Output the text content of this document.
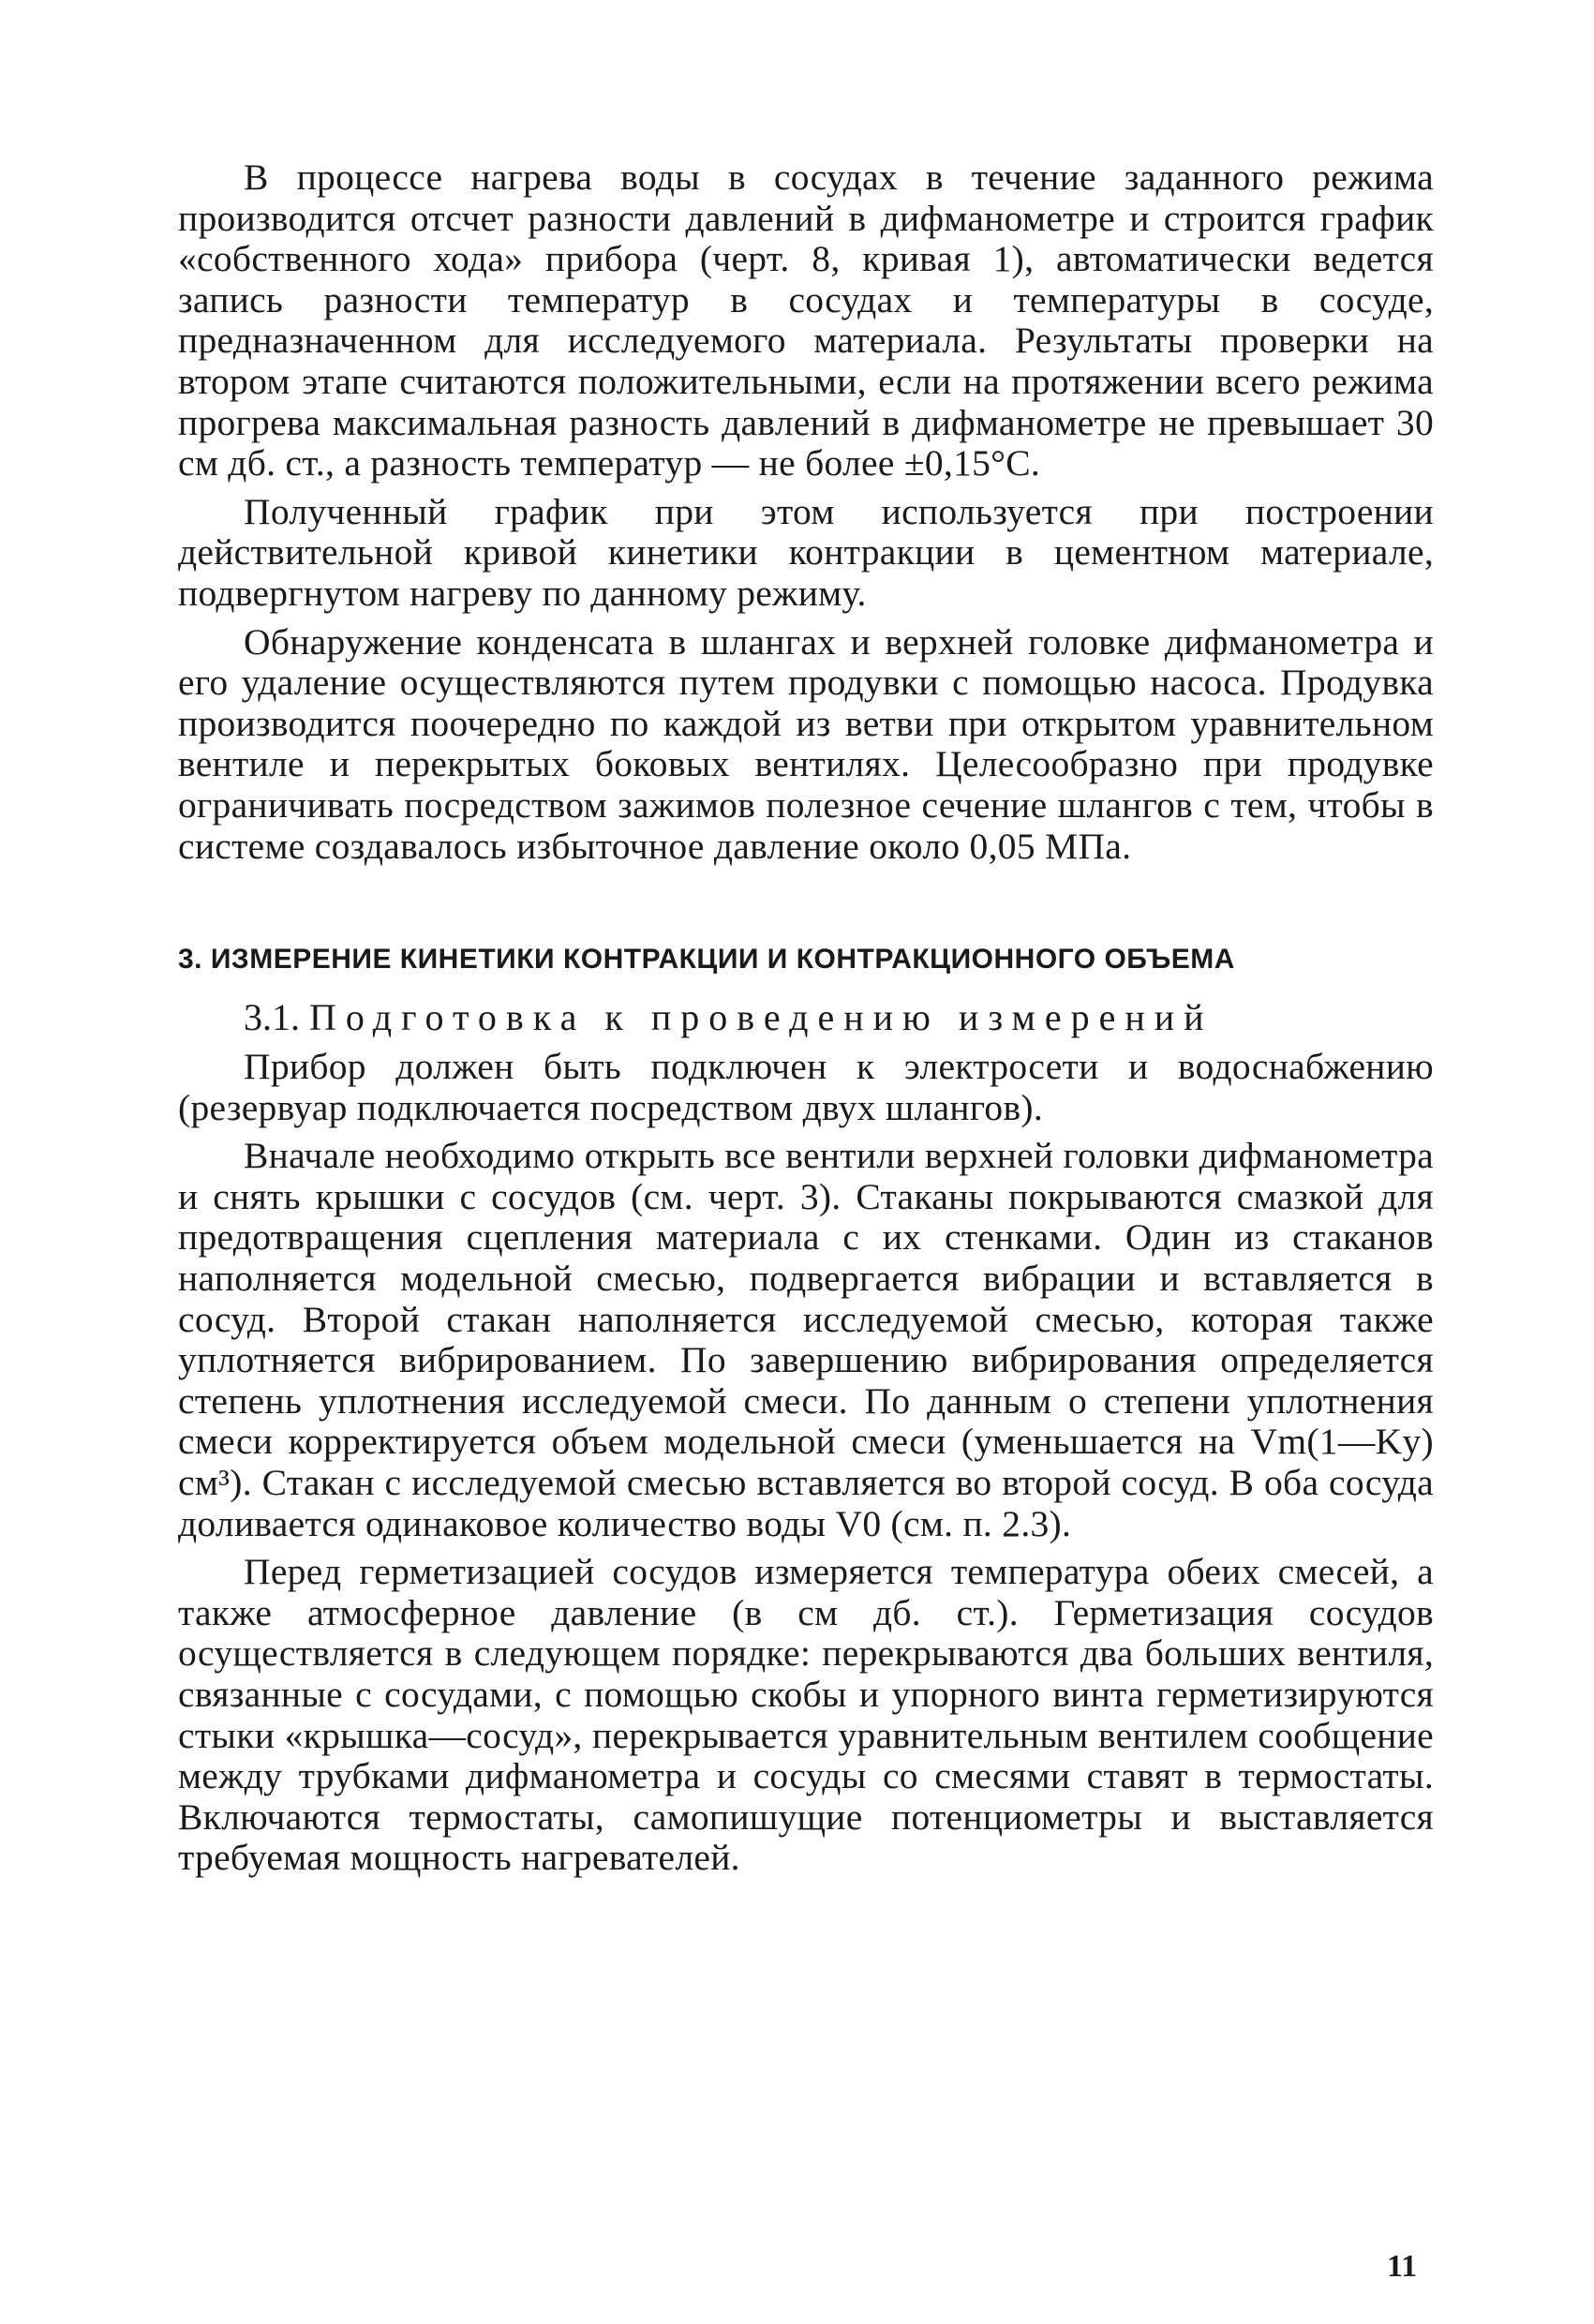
В процессе нагрева воды в сосудах в течение заданного режима производится отсчет разности давлений в дифманометре и строится график «собственного хода» прибора (черт. 8, кривая 1), автоматически ведется запись разности температур в сосудах и температуры в сосуде, предназначенном для исследуемого материала. Результаты проверки на втором этапе считаются положительными, если на протяжении всего режима прогрева максимальная разность давлений в дифманометре не превышает 30 см дб. ст., а разность температур — не более ±0,15°С.

Полученный график при этом используется при построении действительной кривой кинетики контракции в цементном материале, подвергнутом нагреву по данному режиму.

Обнаружение конденсата в шлангах и верхней головке дифманометра и его удаление осуществляются путем продувки с помощью насоса. Продувка производится поочередно по каждой из ветви при открытом уравнительном вентиле и перекрытых боковых вентилях. Целесообразно при продувке ограничивать посредством зажимов полезное сечение шлангов с тем, чтобы в системе создавалось избыточное давление около 0,05 МПа.

3. ИЗМЕРЕНИЕ КИНЕТИКИ КОНТРАКЦИИ И КОНТРАКЦИОННОГО ОБЪЕМА
3.1. Подготовка к проведению измерений

Прибор должен быть подключен к электросети и водоснабжению (резервуар подключается посредством двух шлангов).

Вначале необходимо открыть все вентили верхней головки дифманометра и снять крышки с сосудов (см. черт. 3). Стаканы покрываются смазкой для предотвращения сцепления материала с их стенками. Один из стаканов наполняется модельной смесью, подвергается вибрации и вставляется в сосуд. Второй стакан наполняется исследуемой смесью, которая также уплотняется вибрированием. По завершению вибрирования определяется степень уплотнения исследуемой смеси. По данным о степени уплотнения смеси корректируется объем модельной смеси (уменьшается на Vm(1—Ky) см³). Стакан с исследуемой смесью вставляется во второй сосуд. В оба сосуда доливается одинаковое количество воды V0 (см. п. 2.3).

Перед герметизацией сосудов измеряется температура обеих смесей, а также атмосферное давление (в см дб. ст.). Герметизация сосудов осуществляется в следующем порядке: перекрываются два больших вентиля, связанные с сосудами, с помощью скобы и упорного винта герметизируются стыки «крышка—сосуд», перекрывается уравнительным вентилем сообщение между трубками дифманометра и сосуды со смесями ставят в термостаты. Включаются термостаты, самопишущие потенциометры и выставляется требуемая мощность нагревателей.

11
